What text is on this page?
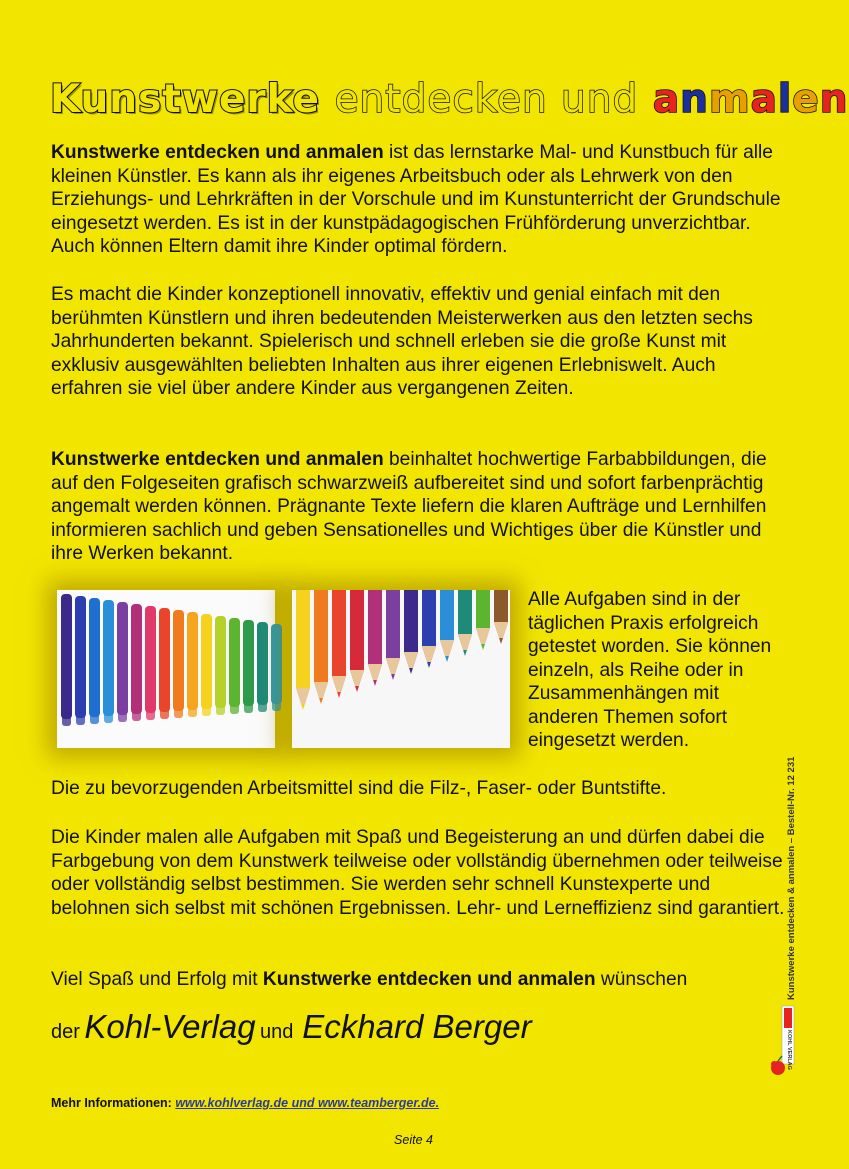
Kunstwerke entdecken und anmalen

Kunstwerke entdecken und anmalen ist das lernstarke Mal- und Kunstbuch für alle kleinen Künstler. Es kann als ihr eigenes Arbeitsbuch oder als Lehrwerk von den Erziehungs- und Lehrkräften in der Vorschule und im Kunstunterricht der Grundschule eingesetzt werden. Es ist in der kunstpädagogischen Frühförderung unverzichtbar. Auch können Eltern damit ihre Kinder optimal fördern.

Es macht die Kinder konzeptionell innovativ, effektiv und genial einfach mit den berühmten Künstlern und ihren bedeutenden Meisterwerken aus den letzten sechs Jahrhunderten bekannt. Spielerisch und schnell erleben sie die große Kunst mit exklusiv ausgewählten beliebten Inhalten aus ihrer eigenen Erlebniswelt. Auch erfahren sie viel über andere Kinder aus vergangenen Zeiten.

Kunstwerke entdecken und anmalen beinhaltet hochwertige Farbabbildungen, die auf den Folgeseiten grafisch schwarzweiß aufbereitet sind und sofort farbenprächtig angemalt werden können. Prägnante Texte liefern die klaren Aufträge und Lernhilfen informieren sachlich und geben Sensationelles und Wichtiges über die Künstler und ihre Werken bekannt.

Alle Aufgaben sind in der täglichen Praxis erfolgreich getestet worden. Sie können einzeln, als Reihe oder in Zusammenhängen mit anderen Themen sofort eingesetzt werden.

Die zu bevorzugenden Arbeitsmittel sind die Filz-, Faser- oder Buntstifte.

Die Kinder malen alle Aufgaben mit Spaß und Begeisterung an und dürfen dabei die Farbgebung von dem Kunstwerk teilweise oder vollständig übernehmen oder teilweise oder vollständig selbst bestimmen. Sie werden sehr schnell Kunstexperte und belohnen sich selbst mit schönen Ergebnissen. Lehr- und Lerneffizienz sind garantiert.

Viel Spaß und Erfolg mit Kunstwerke entdecken und anmalen wünschen

der Kohl-Verlag und Eckhard Berger
Mehr Informationen: www.kohlverlag.de und www.teamberger.de.
Seite 4
Kunstwerke entdecken & anmalen – Bestell-Nr. 12 231
KOHL VERLAG
